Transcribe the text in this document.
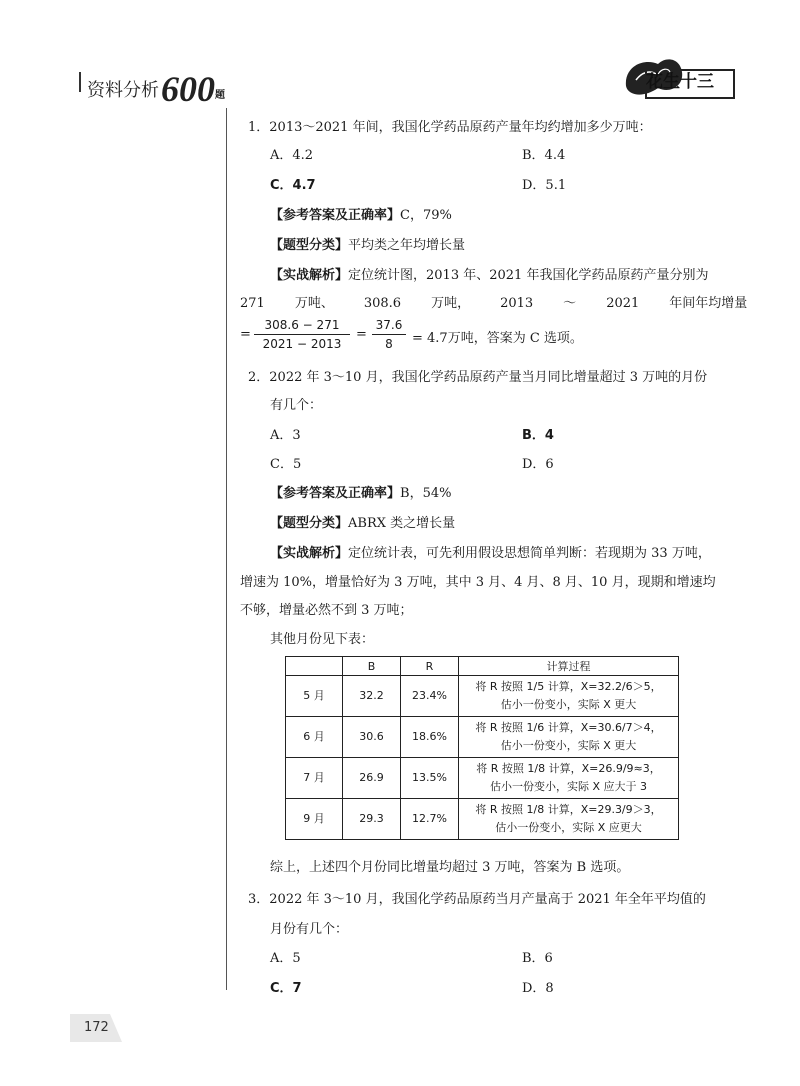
资料分析600题
花生十三
1．2013～2021 年间，我国化学药品原药产量年均约增加多少万吨：
A．4.2	B．4.4
C．4.7	D．5.1
【参考答案及正确率】C，79%
【题型分类】平均类之年均增长量
【实战解析】定位统计图，2013 年、2021 年我国化学药品原药产量分别为
271 万吨、 308.6 万吨， 2013 ～ 2021 年间年均增量
= $\frac{308.6 - 271}{2021 - 2013} = \frac{37.6}{8} = 4.7$万吨，答案为 C 选项。
2．2022 年 3～10 月，我国化学药品原药产量当月同比增量超过 3 万吨的月份
有几个：
A．3	B．4
C．5	D．6
【参考答案及正确率】B，54%
【题型分类】ABRX 类之增长量
【实战解析】定位统计表，可先利用假设思想简单判断：若现期为 33 万吨，
增速为 10%，增量恰好为 3 万吨，其中 3 月、4 月、8 月、10 月，现期和增速均
不够，增量必然不到 3 万吨；
其他月份见下表：
	B	R	计算过程
5 月	32.2	23.4%	将 R 按照 1/5 计算，X=32.2/6＞5，
估小一份变小，实际 X 更大
6 月	30.6	18.6%	将 R 按照 1/6 计算，X=30.6/7＞4，
估小一份变小，实际 X 更大
7 月	26.9	13.5%	将 R 按照 1/8 计算，X=26.9/9≈3，
估小一份变小，实际 X 应大于 3
9 月	29.3	12.7%	将 R 按照 1/8 计算，X=29.3/9＞3，
估小一份变小，实际 X 应更大
综上，上述四个月份同比增量均超过 3 万吨，答案为 B 选项。
3．2022 年 3～10 月，我国化学药品原药当月产量高于 2021 年全年平均值的
月份有几个：
A．5	B．6
C．7	D．8
172
